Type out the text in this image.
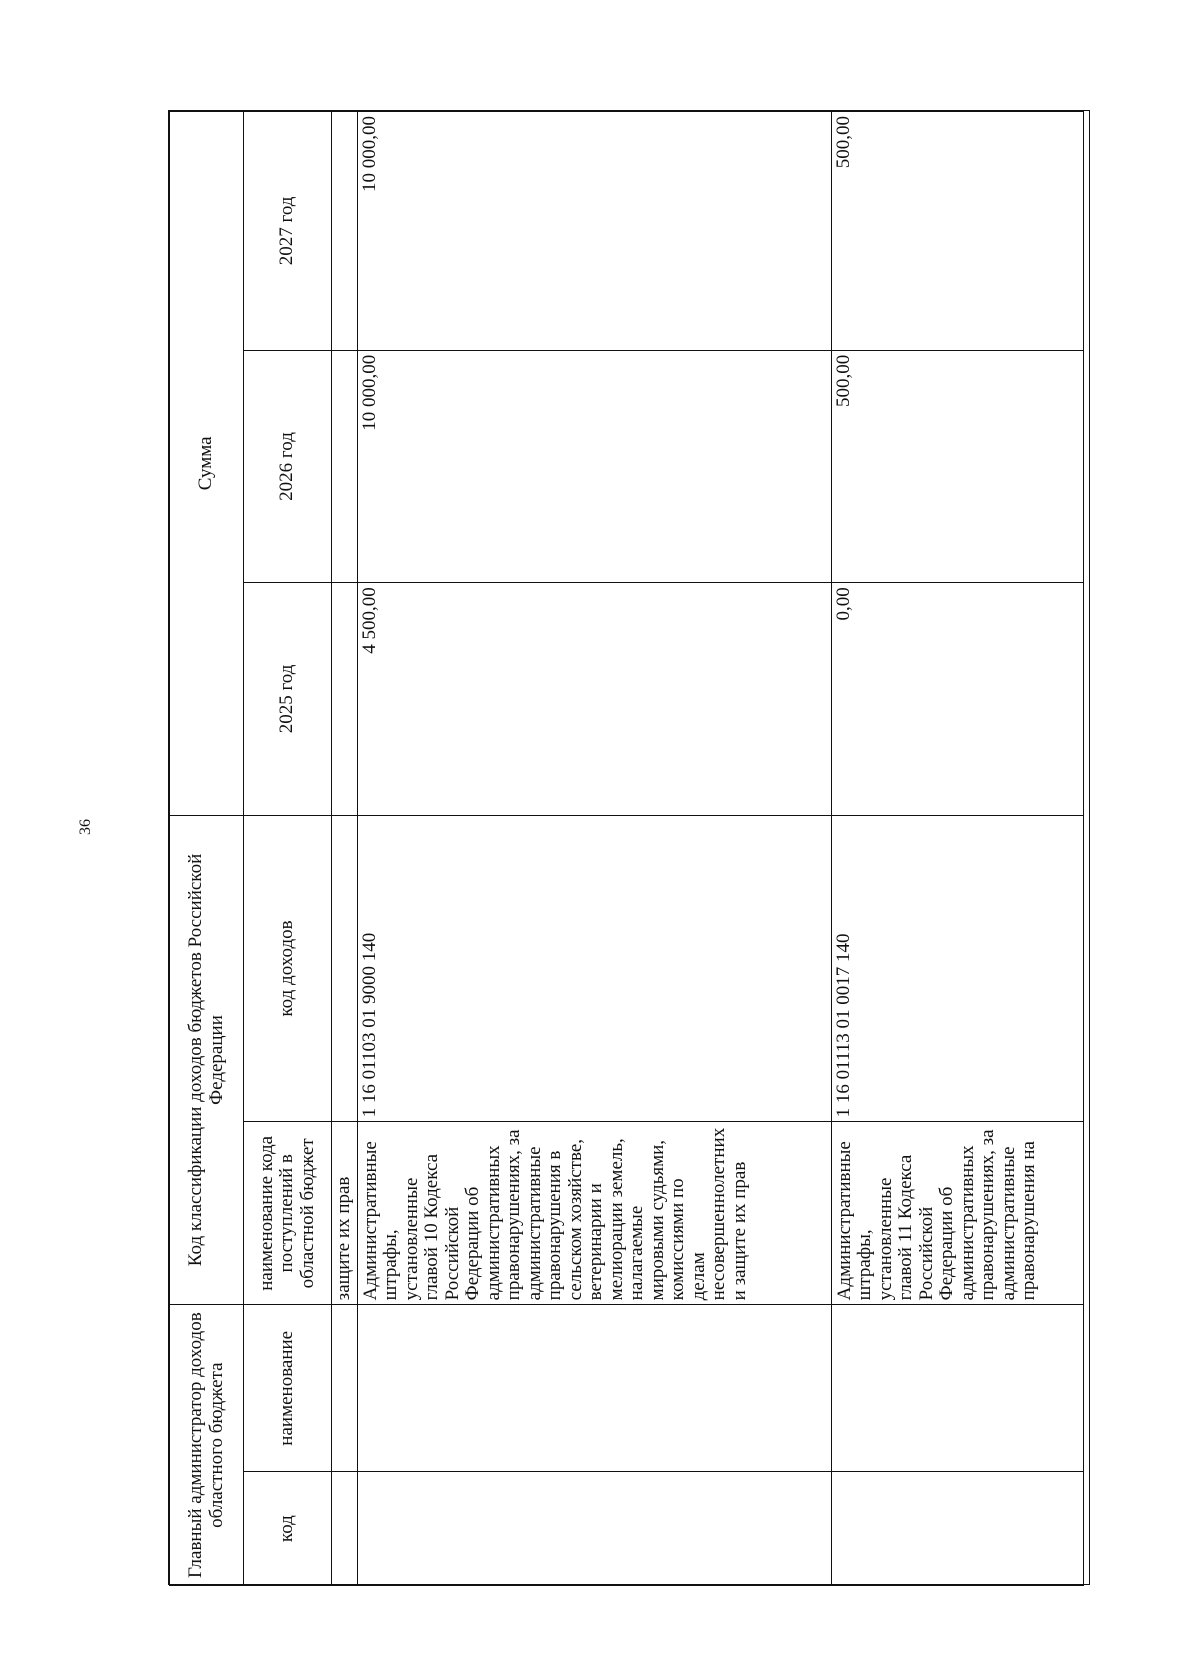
36
Главный администратор доходов областного бюджета		Код классификации доходов бюджетов Российской Федерации		Сумма		
код	наименование	наименование кода поступлений в областной бюджет	код доходов	2025 год	2026 год	2027 год
		защите их прав				
		Административные штрафы, установленные главой 10 Кодекса Российской Федерации об административных правонарушениях, за административные правонарушения в сельском хозяйстве, ветеринарии и мелиорации земель, налагаемые мировыми судьями, комиссиями по делам несовершеннолетних и защите их прав	1 16 01103 01 9000 140	4 500,00	10 000,00	10 000,00
		Административные штрафы, установленные главой 11 Кодекса Российской Федерации об административных правонарушениях, за административные правонарушения на	1 16 01113 01 0017 140	0,00	500,00	500,00
